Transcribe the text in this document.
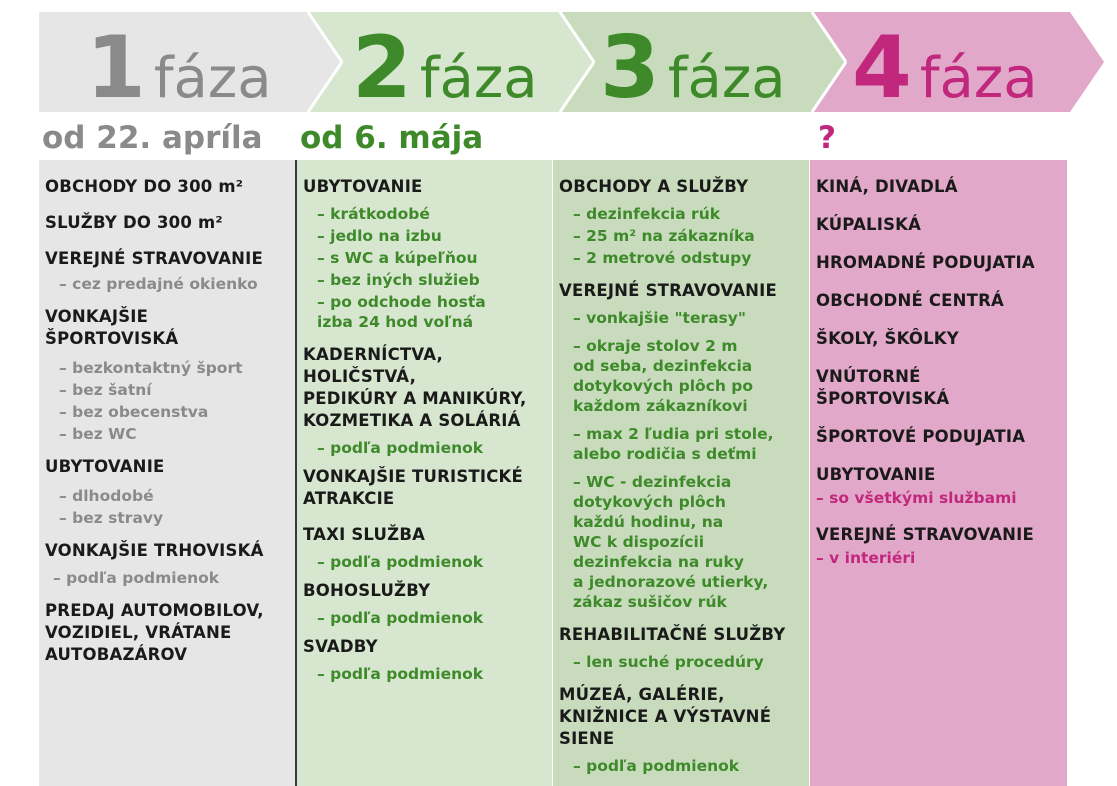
1 fáza 2 fáza 3 fáza 4 fáza
od 22. apríla od 6. mája	?
OBCHODY DO 300 m²
SLUŽBY DO 300 m²
VEREJNÉ STRAVOVANIE
– cez predajné okienko
VONKAJŠIE
ŠPORTOVISKÁ
– bezkontaktný šport
– bez šatní
– bez obecenstva
– bez WC
UBYTOVANIE
– dlhodobé
– bez stravy
VONKAJŠIE TRHOVISKÁ
– podľa podmienok
PREDAJ AUTOMOBILOV,
VOZIDIEL, VRÁTANE
AUTOBAZÁROV
UBYTOVANIE
– krátkodobé
– jedlo na izbu
– s WC a kúpeľňou
– bez iných služieb
– po odchode hosťa
izba 24 hod voľná
KADERNÍCTVA,
HOLIČSTVÁ,
PEDIKÚRY A MANIKÚRY,
KOZMETIKA A SOLÁRIÁ
– podľa podmienok
VONKAJŠIE TURISTICKÉ
ATRAKCIE
TAXI SLUŽBA
– podľa podmienok
BOHOSLUŽBY
– podľa podmienok
SVADBY
– podľa podmienok
OBCHODY A SLUŽBY
– dezinfekcia rúk
– 25 m² na zákazníka
– 2 metrové odstupy
VEREJNÉ STRAVOVANIE
– vonkajšie "terasy"
– okraje stolov 2 m
od seba, dezinfekcia
dotykových plôch po
každom zákazníkovi
– max 2 ľudia pri stole,
alebo rodičia s deťmi
– WC - dezinfekcia
dotykových plôch
každú hodinu, na
WC k dispozícii
dezinfekcia na ruky
a jednorazové utierky,
zákaz sušičov rúk
REHABILITAČNÉ SLUŽBY
– len suché procedúry
MÚZEÁ, GALÉRIE,
KNIŽNICE A VÝSTAVNÉ
SIENE
– podľa podmienok
KINÁ, DIVADLÁ
KÚPALISKÁ
HROMADNÉ PODUJATIA
OBCHODNÉ CENTRÁ
ŠKOLY, ŠKÔLKY
VNÚTORNÉ
ŠPORTOVISKÁ
ŠPORTOVÉ PODUJATIA
UBYTOVANIE
– so všetkými službami
VEREJNÉ STRAVOVANIE
– v interiéri
